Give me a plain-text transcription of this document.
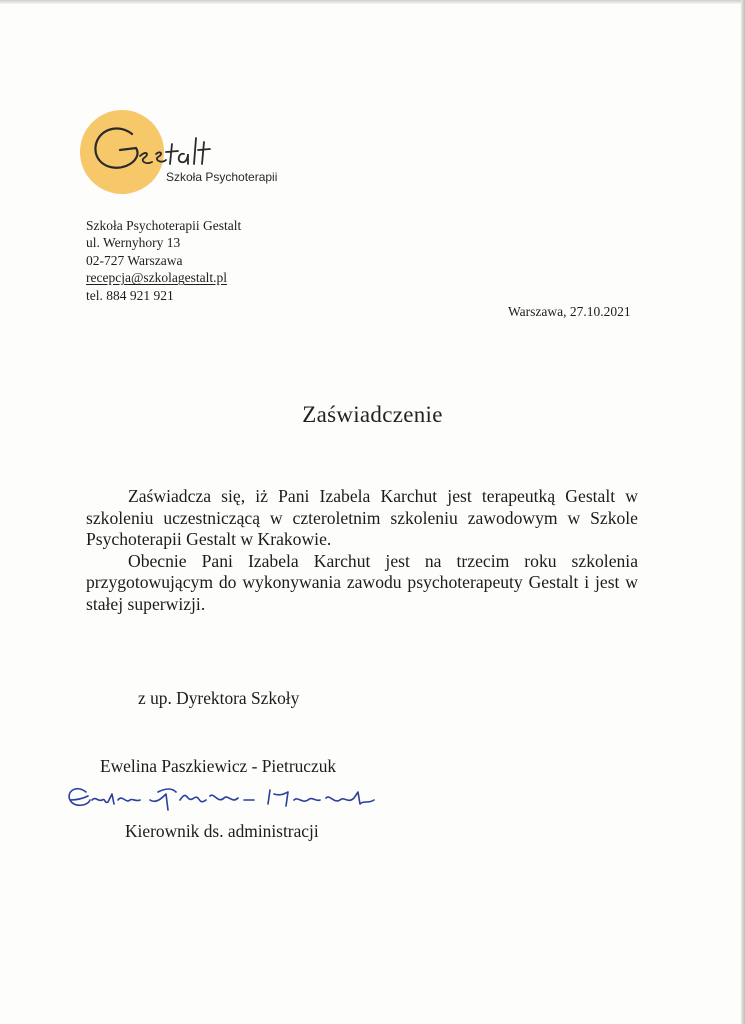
Szkoła Psychoterapii
Szkoła Psychoterapii Gestalt
ul. Wernyhory 13
02-727 Warszawa
recepcja@szkolagestalt.pl
tel. 884 921 921
Warszawa, 27.10.2021
Zaświadczenie

Zaświadcza się, iż Pani Izabela Karchut jest terapeutką Gestalt w szkoleniu uczestniczącą w czteroletnim szkoleniu zawodowym w Szkole Psychoterapii Gestalt w Krakowie.

Obecnie Pani Izabela Karchut jest na trzecim roku szkolenia przygotowującym do wykonywania zawodu psychoterapeuty Gestalt i jest w stałej superwizji.

z up. Dyrektora Szkoły
Ewelina Paszkiewicz - Pietruczuk
Kierownik ds. administracji
